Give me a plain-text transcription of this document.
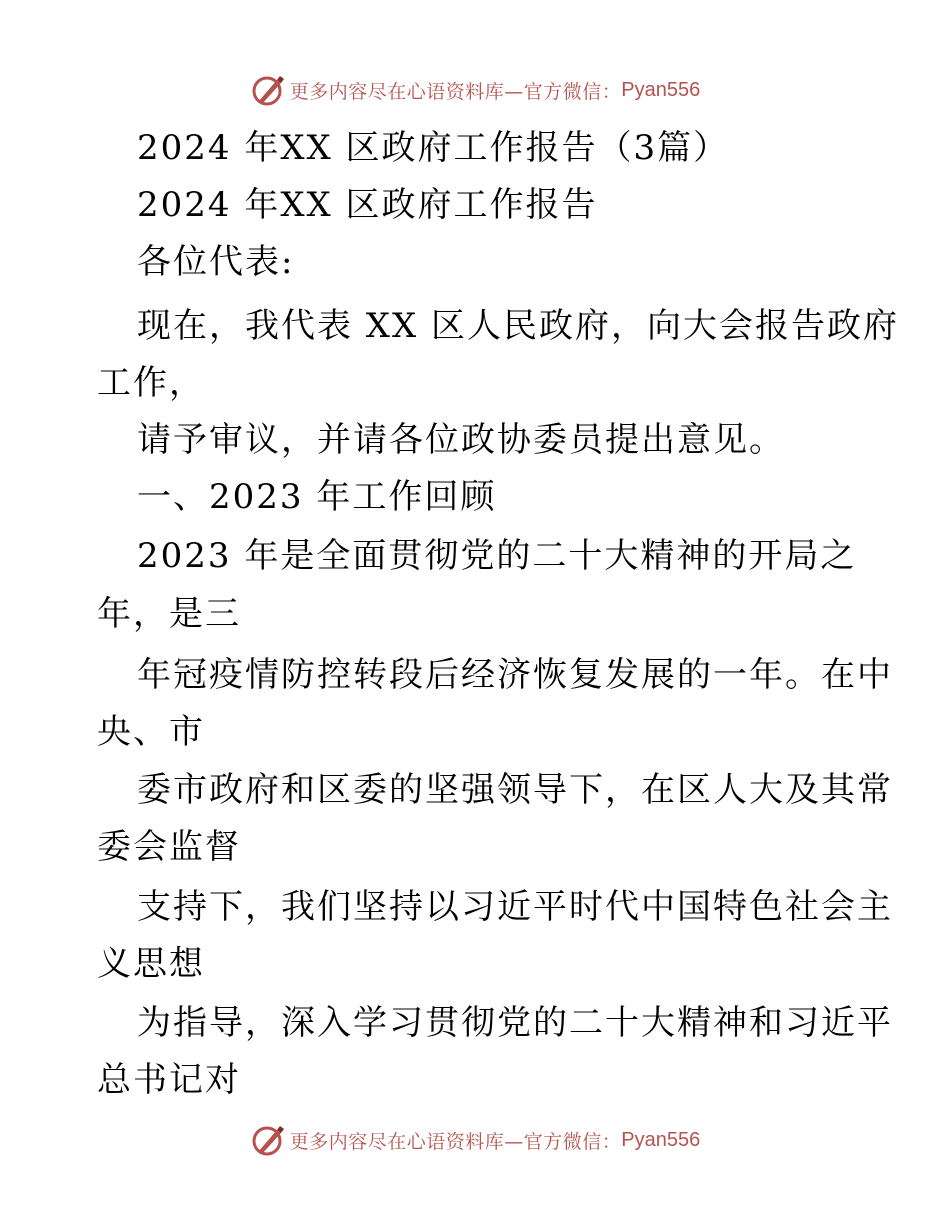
更多内容尽在心语资料库—官方微信： Pyan556
2024 年XX 区政府工作报告（3篇）
2024 年XX 区政府工作报告
各位代表:
现在，我代表 XX 区人民政府，向大会报告政府
工作，
请予审议，并请各位政协委员提出意见。
一、2023 年工作回顾
2023 年是全面贯彻党的二十大精神的开局之
年，是三
年冠疫情防控转段后经济恢复发展的一年。在中
央、市
委市政府和区委的坚强领导下，在区人大及其常
委会监督
支持下，我们坚持以习近平时代中国特色社会主
义思想
为指导，深入学习贯彻党的二十大精神和习近平
总书记对
更多内容尽在心语资料库—官方微信： Pyan556
